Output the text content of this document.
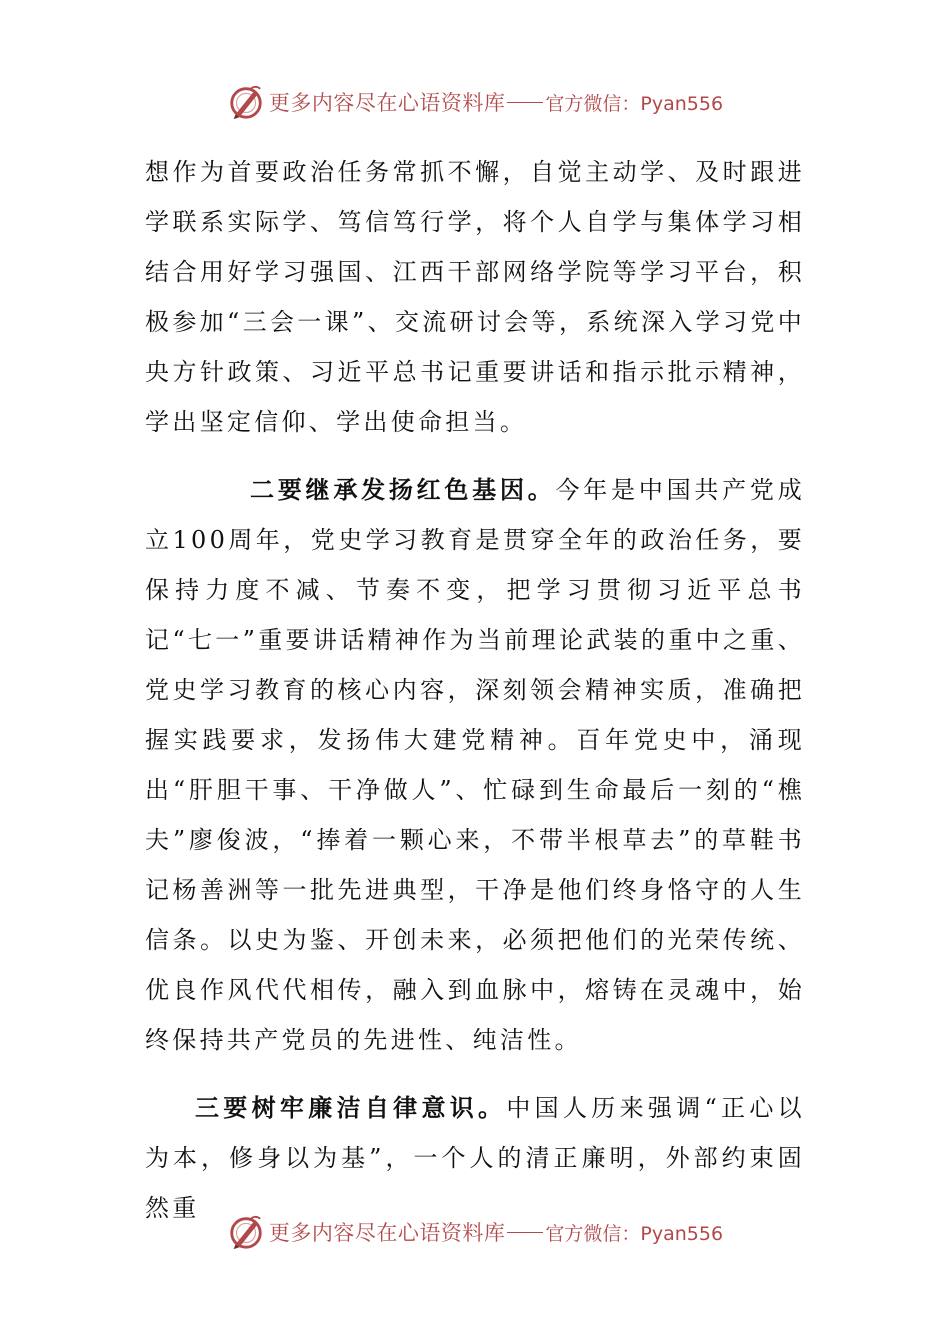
更多内容尽在心语资料库 官方微信：Pyan556

想作为首要政治任务常抓不懈，自觉主动学、及时跟进学联系实际学、笃信笃行学，将个人自学与集体学习相结合用好学习强国、江西干部网络学院等学习平台，积极参加“三会一课”、交流研讨会等，系统深入学习党中央方针政策、习近平总书记重要讲话和指示批示精神，学出坚定信仰、学出使命担当。

二要继承发扬红色基因。今年是中国共产党成立100周年，党史学习教育是贯穿全年的政治任务，要保持力度不减、节奏不变，把学习贯彻习近平总书记“七一”重要讲话精神作为当前理论武装的重中之重、党史学习教育的核心内容，深刻领会精神实质，准确把握实践要求，发扬伟大建党精神。百年党史中，涌现出“肝胆干事、干净做人”、忙碌到生命最后一刻的“樵夫”廖俊波，“捧着一颗心来，不带半根草去”的草鞋书记杨善洲等一批先进典型，干净是他们终身恪守的人生信条。以史为鉴、开创未来，必须把他们的光荣传统、优良作风代代相传，融入到血脉中，熔铸在灵魂中，始终保持共产党员的先进性、纯洁性。

三要树牢廉洁自律意识。中国人历来强调“正心以为本，修身以为基”，一个人的清正廉明，外部约束固然重

更多内容尽在心语资料库 官方微信：Pyan556
